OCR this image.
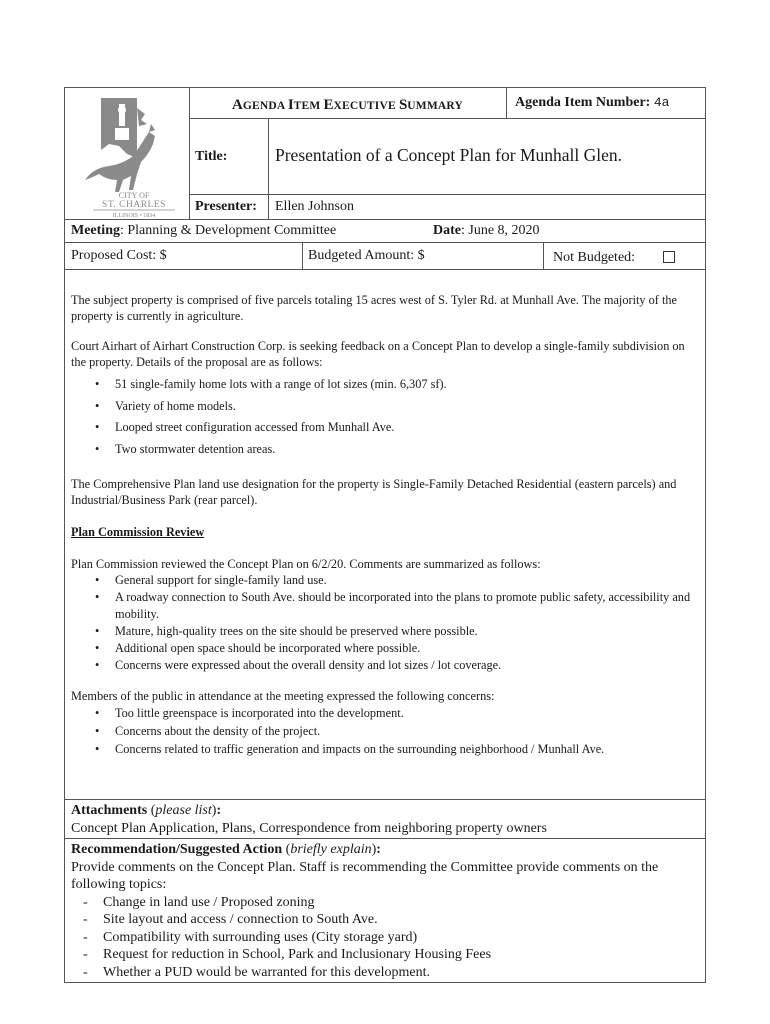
CITY OF
ST. CHARLES
ILLINOIS • 1834
AGENDA ITEM EXECUTIVE SUMMARY	Agenda Item Number: 4a
Title:	Presentation of a Concept Plan for Munhall Glen.
Presenter: Ellen Johnson
Meeting: Planning & Development Committee	Date: June 8, 2020
Proposed Cost: $	Budgeted Amount: $	Not Budgeted:

The subject property is comprised of five parcels totaling 15 acres west of S. Tyler Rd. at Munhall Ave. The majority of the property is currently in agriculture.

Court Airhart of Airhart Construction Corp. is seeking feedback on a Concept Plan to develop a single-family subdivision on the property. Details of the proposal are as follows:

• 51 single-family home lots with a range of lot sizes (min. 6,307 sf).
• Variety of home models.
• Looped street configuration accessed from Munhall Ave.
• Two stormwater detention areas.

The Comprehensive Plan land use designation for the property is Single-Family Detached Residential (eastern parcels) and Industrial/Business Park (rear parcel).

Plan Commission Review

Plan Commission reviewed the Concept Plan on 6/2/20. Comments are summarized as follows:

• General support for single-family land use.
• A roadway connection to South Ave. should be incorporated into the plans to promote public safety, accessibility and mobility.
• Mature, high-quality trees on the site should be preserved where possible.
• Additional open space should be incorporated where possible.
• Concerns were expressed about the overall density and lot sizes / lot coverage.

Members of the public in attendance at the meeting expressed the following concerns:

• Too little greenspace is incorporated into the development.
• Concerns about the density of the project.
• Concerns related to traffic generation and impacts on the surrounding neighborhood / Munhall Ave.
Attachments (please list):
Concept Plan Application, Plans, Correspondence from neighboring property owners
Recommendation/Suggested Action (briefly explain):
Provide comments on the Concept Plan. Staff is recommending the Committee provide comments on the following topics:
- Change in land use / Proposed zoning
- Site layout and access / connection to South Ave.
- Compatibility with surrounding uses (City storage yard)
- Request for reduction in School, Park and Inclusionary Housing Fees
- Whether a PUD would be warranted for this development.
